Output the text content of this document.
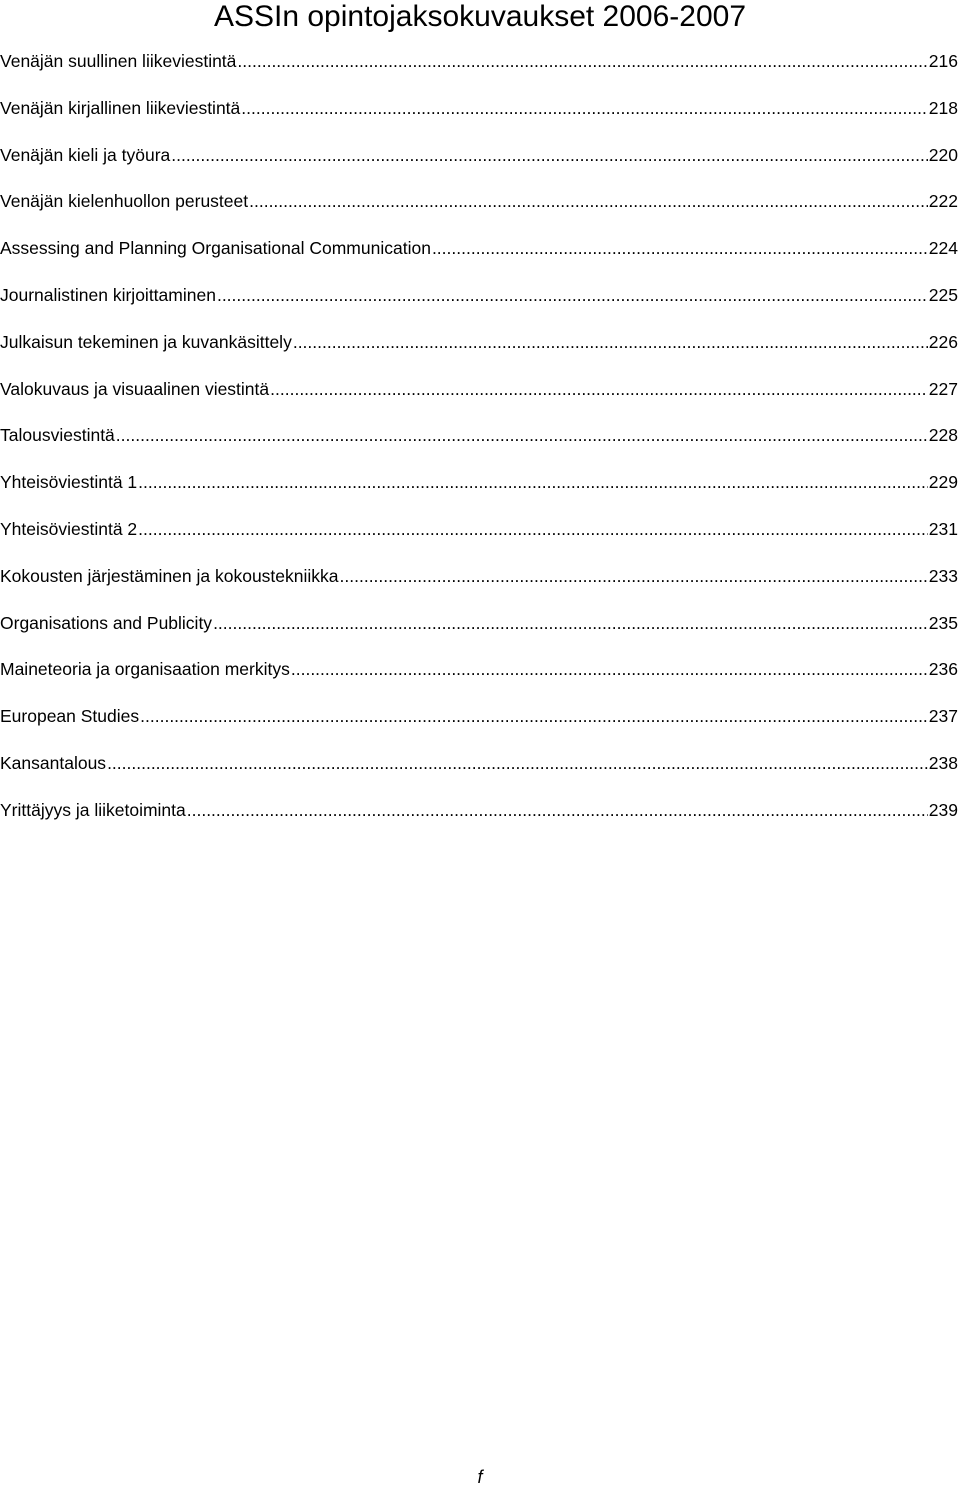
ASSIn opintojaksokuvaukset 2006-2007
Venäjän suullinen liikeviestintä .....	216
Venäjän kirjallinen liikeviestintä .....	218
Venäjän kieli ja työura .....	220
Venäjän kielenhuollon perusteet .....	222
Assessing and Planning Organisational Communication .....	224
Journalistinen kirjoittaminen .....	225
Julkaisun tekeminen ja kuvankäsittely .....	226
Valokuvaus ja visuaalinen viestintä .....	227
Talousviestintä .....	228
Yhteisöviestintä 1 .....	229
Yhteisöviestintä 2 .....	231
Kokousten järjestäminen ja kokoustekniikka .....	233
Organisations and Publicity .....	235
Maineteoria ja organisaation merkitys .....	236
European Studies .....	237
Kansantalous .....	238
Yrittäjyys ja liiketoiminta .....	239
f
